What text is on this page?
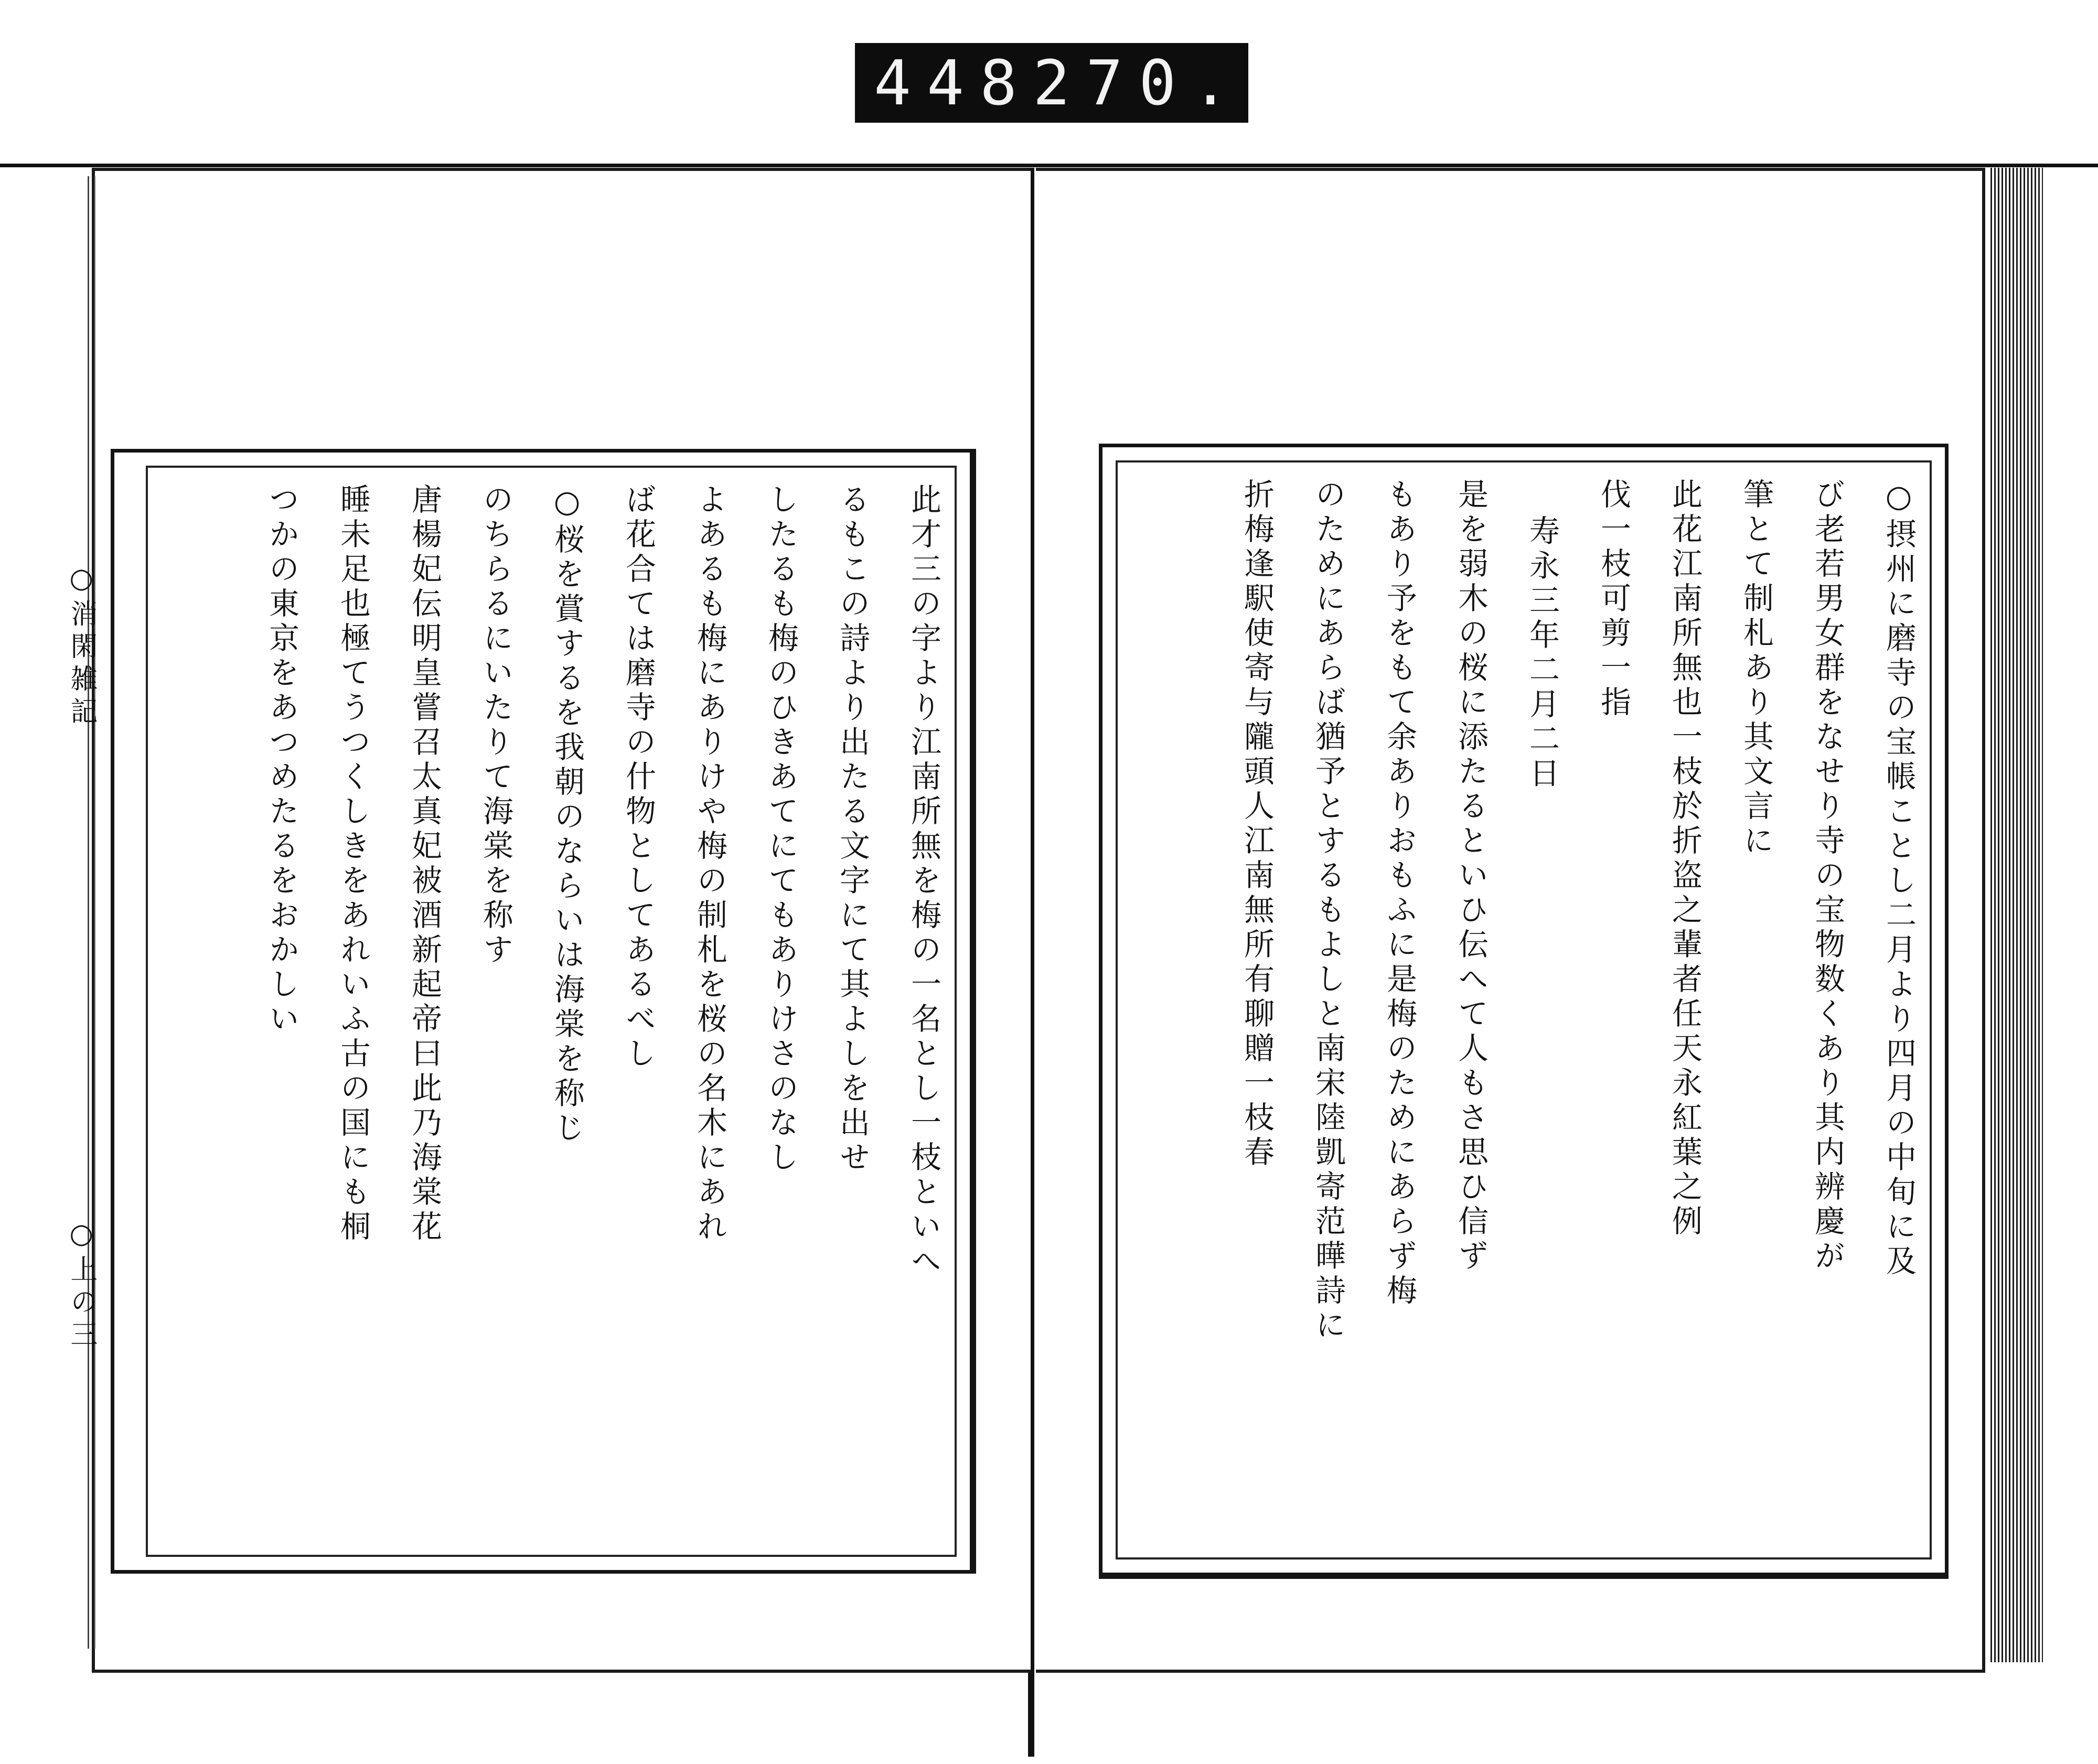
448 270.
○消閑雑記
○上の三
此才三の字より江南所無を梅の一名とし一枝といへ
るもこの詩より出たる文字にて其よしを出せ
したるも梅のひきあてにてもありけさのなし
よあるも梅にありけや梅の制札を桜の名木にあれ
ば花合ては磨寺の什物としてあるべし
○桜を賞するを我朝のならいは海棠を称じ
のちらるにいたりて海棠を称す
唐楊妃伝明皇嘗召太真妃被酒新起帝曰此乃海棠花
睡未足也極てうつくしきをあれいふ古の国にも桐
つかの東京をあつめたるをおかしい	○摂州に磨寺の宝帳ことし二月より四月の中旬に及
び老若男女群をなせり寺の宝物数くあり其内辨慶が
筆とて制札あり其文言に
此花江南所無也一枝於折盗之輩者任天永紅葉之例
伐一枝可剪一指
寿永三年二月二日
是を弱木の桜に添たるといひ伝へて人もさ思ひ信ず
もあり予をもて余ありおもふに是梅のためにあらず梅
のためにあらば猶予とするもよしと南宋陸凱寄范曄詩に
折梅逢駅使寄与隴頭人江南無所有聊贈一枝春
